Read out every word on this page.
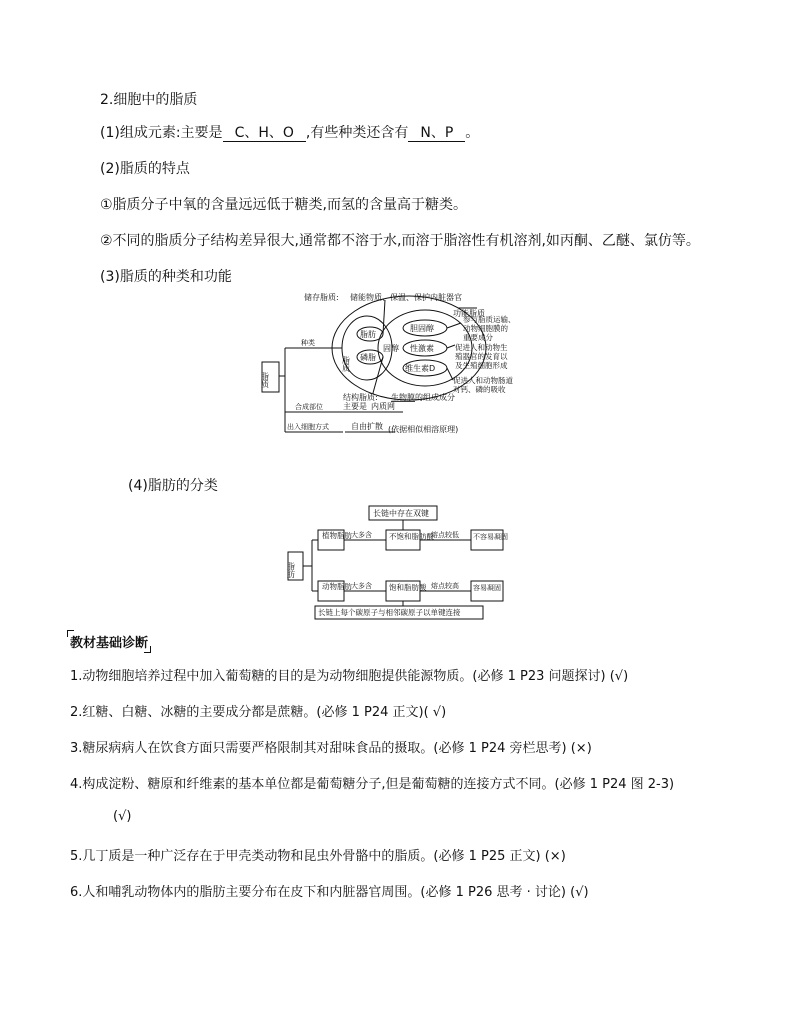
2.细胞中的脂质
(1)组成元素:主要是 C、H、O ,有些种类还含有 N、P 。
(2)脂质的特点
①脂质分子中氧的含量远远低于糖类,而氢的含量高于糖类。
②不同的脂质分子结构差异很大,通常都不溶于水,而溶于脂溶性有机溶剂,如丙酮、乙醚、氯仿等。
(3)脂质的种类和功能
储存脂质: 储能物质、保温、保护内脏器官
功能脂质
参与脂质运输、
动物细胞膜的
重要成分
促进人和动物生
殖器官的发育以
及生殖细胞形成
促进人和动物肠道
对钙、磷的吸收
脂肪
磷脂
脂质
固醇
胆固醇
性激素
维生素D
结构脂质: 生物膜 的组成成分
脂质
种类
合成部位
出入细胞方式
主要是 内质网
自由扩散 (依据相似相溶原理)
(4)脂肪的分类
长链中存在双键
脂肪
植物脂肪
动物脂肪
大多含
大多含
不饱和脂肪酸
饱和脂肪酸
熔点较低
熔点较高
不容易凝固
容易凝固
长链上每个碳原子与相邻碳原子以单键连接
教材基础诊断
1.动物细胞培养过程中加入葡萄糖的目的是为动物细胞提供能源物质。(必修 1 P23 问题探讨) (√)
2.红糖、白糖、冰糖的主要成分都是蔗糖。(必修 1 P24 正文)( √)
3.糖尿病病人在饮食方面只需要严格限制其对甜味食品的摄取。(必修 1 P24 旁栏思考) (×)
4.构成淀粉、糖原和纤维素的基本单位都是葡萄糖分子,但是葡萄糖的连接方式不同。(必修 1 P24 图 2-3)
(√)
5.几丁质是一种广泛存在于甲壳类动物和昆虫外骨骼中的脂质。(必修 1 P25 正文) (×)
6.人和哺乳动物体内的脂肪主要分布在皮下和内脏器官周围。(必修 1 P26 思考 · 讨论) (√)
